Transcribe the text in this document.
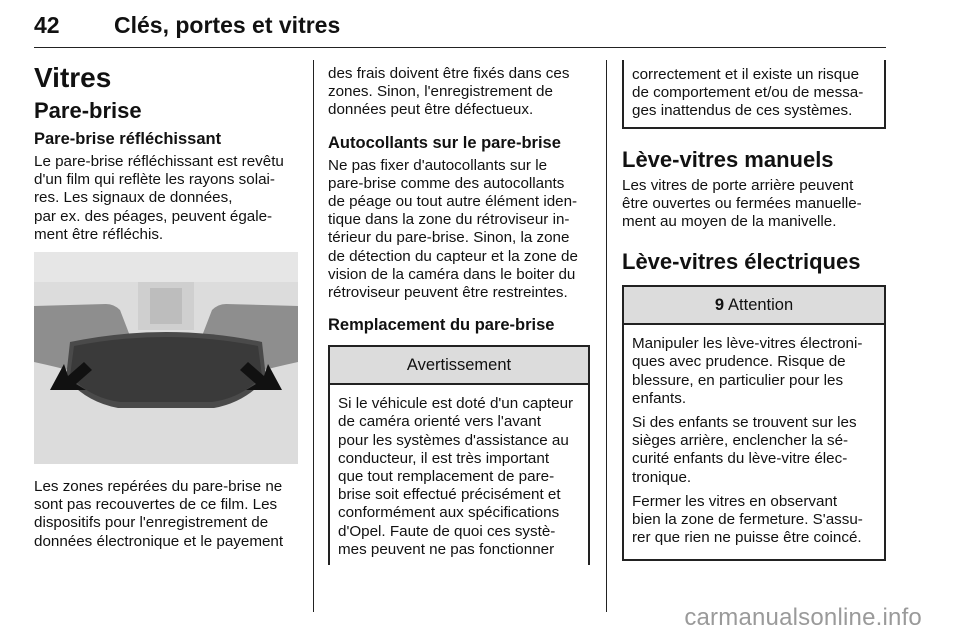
42 Clés, portes et vitres
Vitres
Pare-brise
Pare-brise réfléchissant
Le pare-brise réfléchissant est revêtu
d'un film qui reflète les rayons solai-
res. Les signaux de données,
par ex. des péages, peuvent égale-
ment être réfléchis.
Les zones repérées du pare-brise ne
sont pas recouvertes de ce film. Les
dispositifs pour l'enregistrement de
données électronique et le payement
des frais doivent être fixés dans ces
zones. Sinon, l'enregistrement de
données peut être défectueux.
Autocollants sur le pare-brise
Ne pas fixer d'autocollants sur le
pare-brise comme des autocollants
de péage ou tout autre élément iden-
tique dans la zone du rétroviseur in-
térieur du pare-brise. Sinon, la zone
de détection du capteur et la zone de
vision de la caméra dans le boiter du
rétroviseur peuvent être restreintes.
Remplacement du pare-brise
Avertissement
Si le véhicule est doté d'un capteur
de caméra orienté vers l'avant
pour les systèmes d'assistance au
conducteur, il est très important
que tout remplacement de pare-
brise soit effectué précisément et
conformément aux spécifications
d'Opel. Faute de quoi ces systè-
mes peuvent ne pas fonctionner
correctement et il existe un risque
de comportement et/ou de messa-
ges inattendus de ces systèmes.
Lève-vitres manuels
Les vitres de porte arrière peuvent
être ouvertes ou fermées manuelle-
ment au moyen de la manivelle.
Lève-vitres électriques
9 Attention
Manipuler les lève-vitres électroni-
ques avec prudence. Risque de
blessure, en particulier pour les
enfants.
Si des enfants se trouvent sur les
sièges arrière, enclencher la sé-
curité enfants du lève-vitre élec-
tronique.
Fermer les vitres en observant
bien la zone de fermeture. S'assu-
rer que rien ne puisse être coincé.
carmanualsonline.info
